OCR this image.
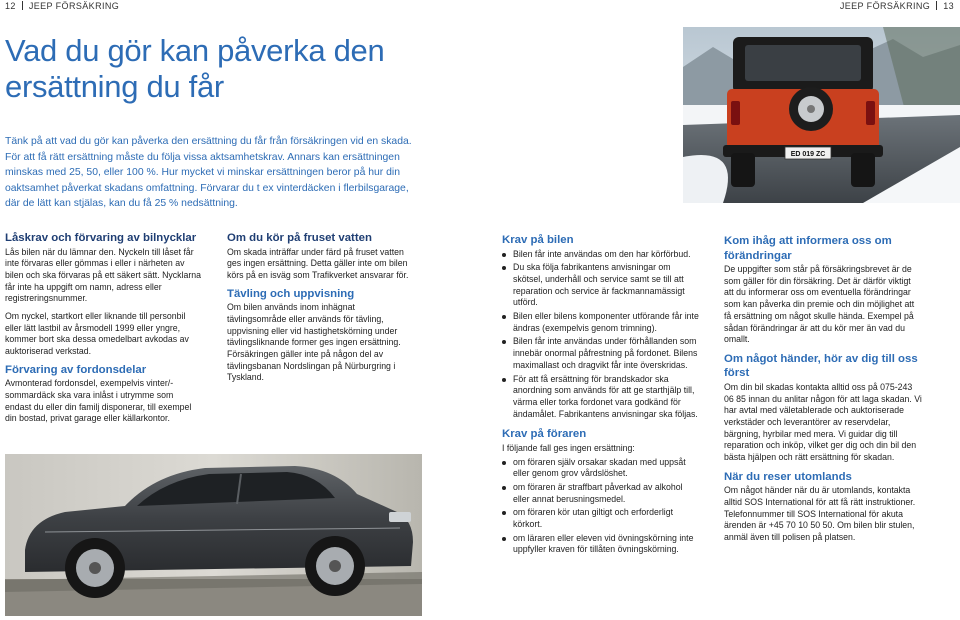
12 JEEP FÖRSÄKRING	JEEP FÖRSÄKRING 13
Vad du gör kan påverka den ersättning du får

Tänk på att vad du gör kan påverka den ersättning du får från försäkringen vid en skada. För att få rätt ersättning måste du följa vissa aktsamhetskrav. Annars kan ersättningen minskas med 25, 50, eller 100 %. Hur mycket vi minskar ersättningen beror på hur din oaktsamhet påverkat skadans omfattning. Förvarar du t ex vinterdäcken i flerbilsgarage, där de lätt kan stjälas, kan du få 25 % nedsättning.

ED 019 ZC
Låskrav och förvaring av bilnycklar

Lås bilen när du lämnar den. Nyckeln till låset får inte förvaras eller gömmas i eller i närheten av bilen och ska förvaras på ett säkert sätt. Nycklarna får inte ha uppgift om namn, adress eller registreringsnummer.

Om nyckel, startkort eller liknande till personbil eller lätt lastbil av årsmodell 1999 eller yngre, kommer bort ska dessa omedelbart avkodas av auktoriserad verkstad.

Förvaring av fordonsdelar

Avmonterad fordonsdel, exempelvis vinter/-sommardäck ska vara inlåst i utrymme som endast du eller din familj disponerar, till exempel din bostad, privat garage eller källarkontor.

Om du kör på fruset vatten

Om skada inträffar under färd på fruset vatten ges ingen ersättning. Detta gäller inte om bilen körs på en isväg som Trafikverket ansvarar för.

Tävling och uppvisning

Om bilen används inom inhägnat tävlingsområde eller används för tävling, uppvisning eller vid hastighetskörning under tävlingsliknande former ges ingen ersättning. Försäkringen gäller inte på någon del av tävlingsbanan Nordslingan på Nürburgring i Tyskland.

Krav på bilen
Bilen får inte användas om den har körförbud.
Du ska följa fabrikantens anvisningar om skötsel, underhåll och service samt se till att reparation och service är fackmannamässigt utförd.
Bilen eller bilens komponenter utförande får inte ändras (exempelvis genom trimning).
Bilen får inte användas under förhållanden som innebär onormal påfrestning på fordonet. Bilens maximallast och dragvikt får inte överskridas.
För att få ersättning för brandskador ska anordning som används för att ge starthjälp till, värma eller torka fordonet vara godkänd för ändamålet. Fabrikantens anvisningar ska följas.
Krav på föraren

I följande fall ges ingen ersättning:

om föraren själv orsakar skadan med uppsåt eller genom grov vårdslöshet.
om föraren är straffbart påverkad av alkohol eller annat berusningsmedel.
om föraren kör utan giltigt och erforderligt körkort.
om läraren eller eleven vid övningskörning inte uppfyller kraven för tillåten övningskörning.
Kom ihåg att informera oss om förändringar

De uppgifter som står på försäkringsbrevet är de som gäller för din försäkring. Det är därför viktigt att du informerar oss om eventuella förändringar som kan påverka din premie och din möjlighet att få ersättning om något skulle hända. Exempel på sådan förändringar är att du kör mer än vad du omallt.

Om något händer, hör av dig till oss först

Om din bil skadas kontakta alltid oss på 075-243 06 85 innan du anlitar någon för att laga skadan. Vi har avtal med väletablerade och auktoriserade verkstäder och leverantörer av reservdelar, bärgning, hyrbilar med mera. Vi guidar dig till reparation och inköp, vilket ger dig och din bil den bästa hjälpen och rätt ersättning för skadan.

När du reser utomlands

Om något händer när du är utomlands, kontakta alltid SOS International för att få rätt instruktioner. Telefonnummer till SOS International för akuta ärenden är +45 70 10 50 50. Om bilen blir stulen, anmäl även till polisen på platsen.
